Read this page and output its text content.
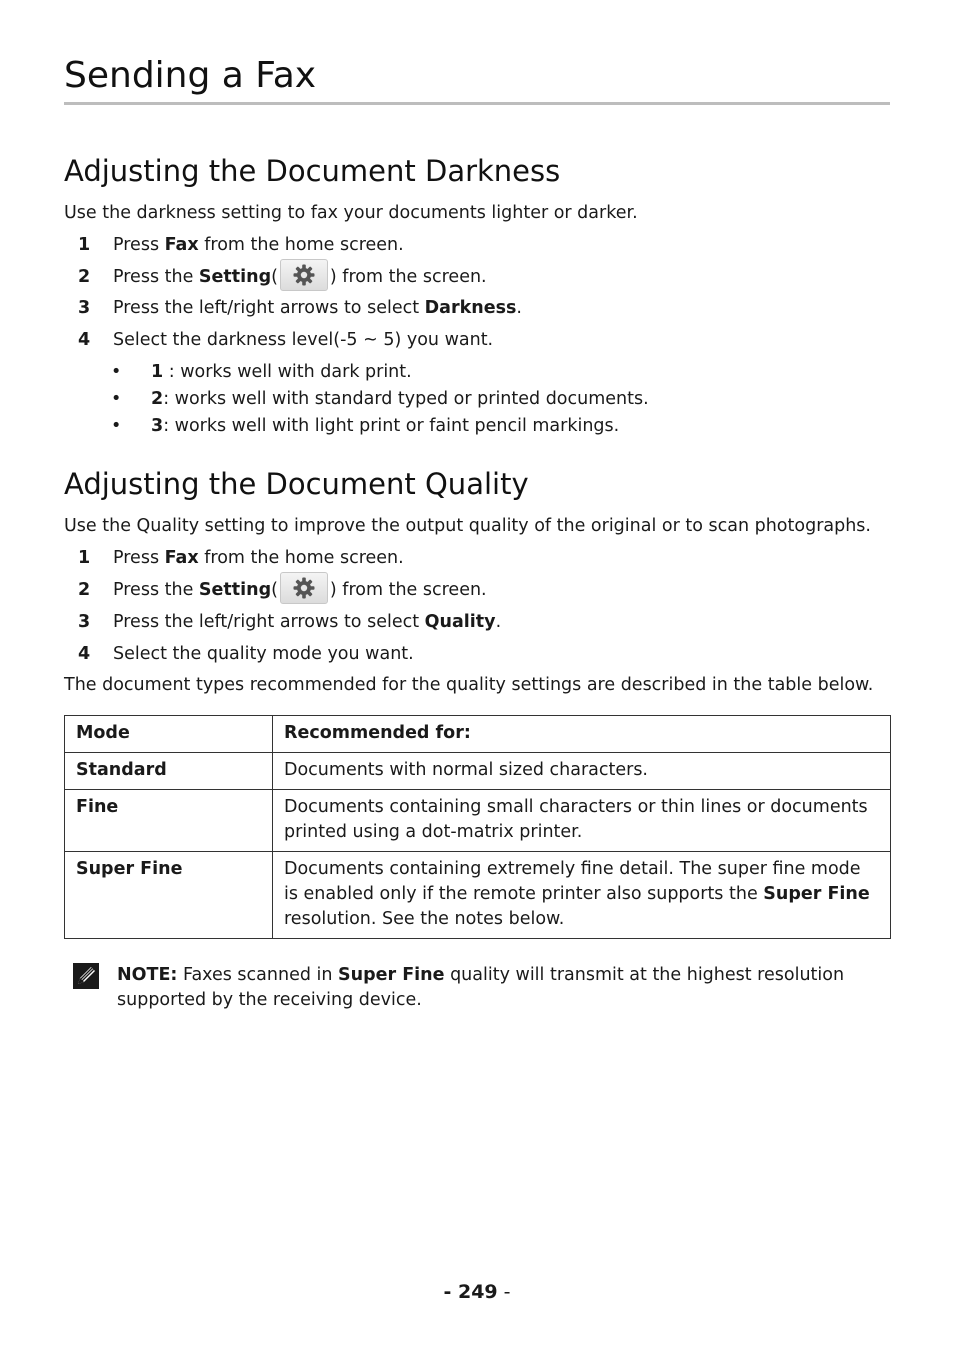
Sending a Fax
Adjusting the Document Darkness
Use the darkness setting to fax your documents lighter or darker.
1 Press Fax from the home screen.
2 Press the Setting(	) from the screen.
3 Press the left/right arrows to select Darkness.
4 Select the darkness level(-5 ~ 5) you want.
• 1 : works well with dark print.
• 2: works well with standard typed or printed documents.
• 3: works well with light print or faint pencil markings.
Adjusting the Document Quality
Use the Quality setting to improve the output quality of the original or to scan photographs.
1 Press Fax from the home screen.
2 Press the Setting(	) from the screen.
3 Press the left/right arrows to select Quality.
4 Select the quality mode you want.
The document types recommended for the quality settings are described in the table below.
Mode	Recommended for:
Standard	Documents with normal sized characters.
Fine	Documents containing small characters or thin lines or documents printed using a dot-matrix printer.
Super Fine	Documents containing extremely fine detail. The super fine mode is enabled only if the remote printer also supports the Super Fine resolution. See the notes below.
NOTE: Faxes scanned in Super Fine quality will transmit at the highest resolution supported by the receiving device.
- 249 -
